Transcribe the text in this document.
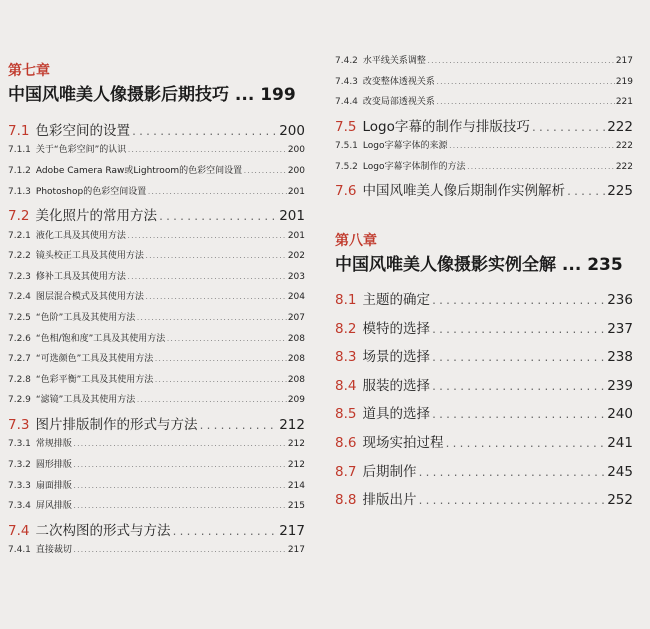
第七章
中国风唯美人像摄影后期技巧 ... 199
7.1 色彩空间的设置 .....	200
7.1.1 关于“色彩空间”的认识 .....	200
7.1.2 Adobe Camera Raw或Lightroom的色彩空间设置 .....	200
7.1.3 Photoshop的色彩空间设置 .....	201
7.2 美化照片的常用方法 .....	201
7.2.1 液化工具及其使用方法 .....	201
7.2.2 镜头校正工具及其使用方法 .....	202
7.2.3 修补工具及其使用方法 .....	203
7.2.4 图层混合模式及其使用方法 .....	204
7.2.5 “色阶”工具及其使用方法 .....	207
7.2.6 “色相/饱和度”工具及其使用方法 .....	208
7.2.7 “可选颜色”工具及其使用方法 .....	208
7.2.8 “色彩平衡”工具及其使用方法 .....	208
7.2.9 “滤镜”工具及其使用方法 .....	209
7.3 图片排版制作的形式与方法 .....	212
7.3.1 常规排版 .....	212
7.3.2 圆形排版 .....	212
7.3.3 扇面排版 .....	214
7.3.4 屏风排版 .....	215
7.4 二次构图的形式与方法 .....	217
7.4.1 直接裁切 .....	217
第八章
中国风唯美人像摄影实例全解 ... 235
7.4.2 水平线关系调整 .....	217
7.4.3 改变整体透视关系 .....	219
7.4.4 改变局部透视关系 .....	221
7.5 Logo字幕的制作与排版技巧 .....	222
7.5.1 Logo字幕字体的来源 .....	222
7.5.2 Logo字幕字体制作的方法 .....	222
7.6 中国风唯美人像后期制作实例解析 .....	225
8.1 主题的确定 .....	236
8.2 模特的选择 .....	237
8.3 场景的选择 .....	238
8.4 服装的选择 .....	239
8.5 道具的选择 .....	240
8.6 现场实拍过程 .....	241
8.7 后期制作 .....	245
8.8 排版出片 .....	252
